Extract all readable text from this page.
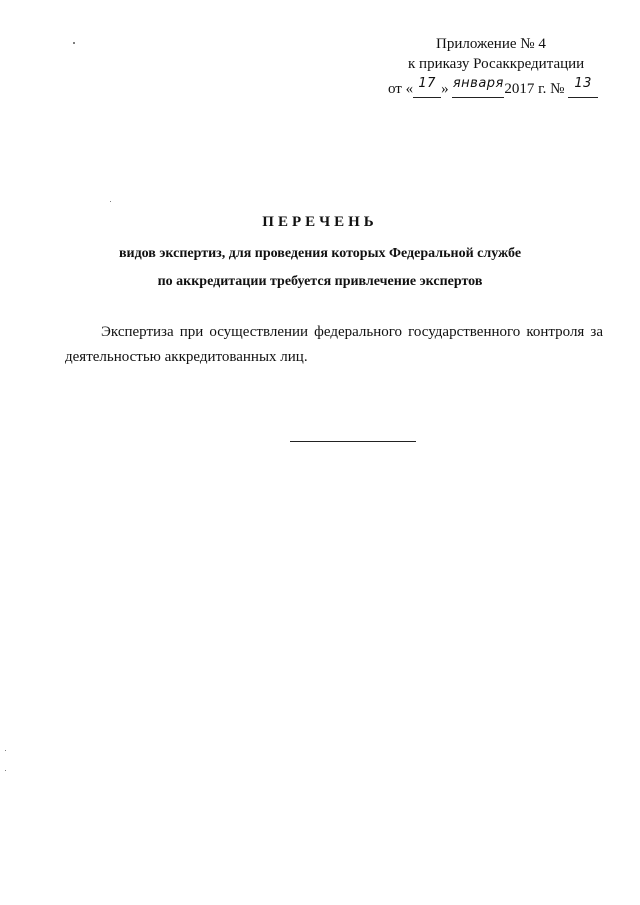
Приложение № 4
к приказу Росаккредитации
от « 17 » января2017 г. № 13
ПЕРЕЧЕНЬ
видов экспертиз, для проведения которых Федеральной службе
по аккредитации требуется привлечение экспертов
Экспертиза при осуществлении федерального государственного контроля за деятельностью аккредитованных лиц.
